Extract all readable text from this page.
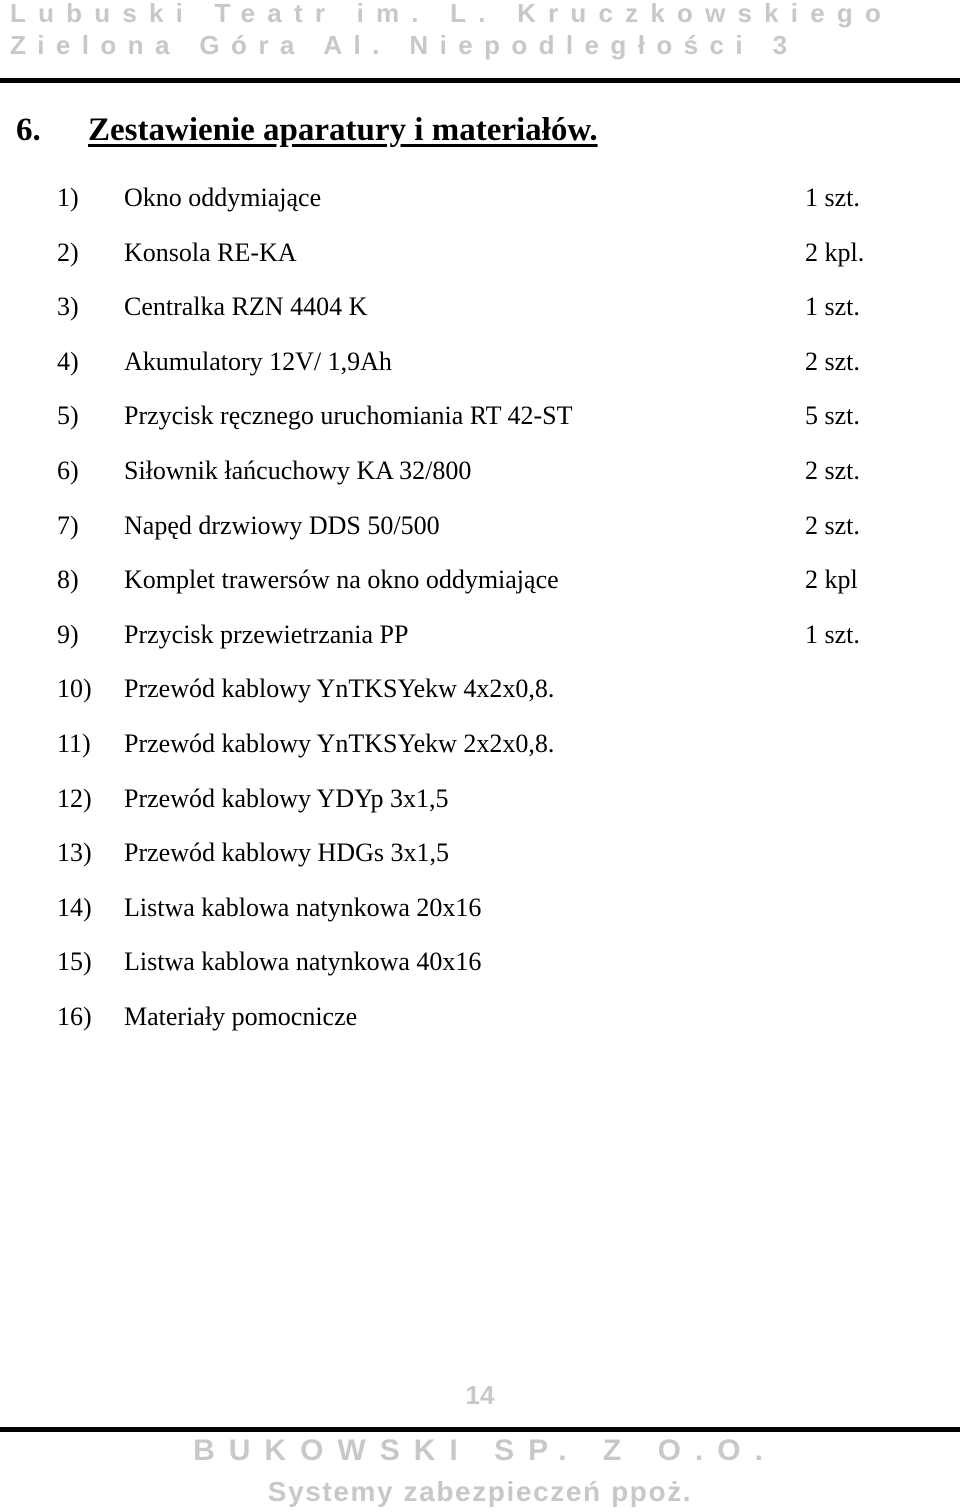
Lubuski Teatr im. L. Kruczkowskiego
Zielona Góra Al. Niepodległości 3
6. Zestawienie aparatury i materiałów.
1) Okno oddymiające	1 szt.
2) Konsola RE-KA	2 kpl.
3) Centralka RZN 4404 K	1 szt.
4) Akumulatory 12V/ 1,9Ah	2 szt.
5) Przycisk ręcznego uruchomiania RT 42-ST	5 szt.
6) Siłownik łańcuchowy KA 32/800	2 szt.
7) Napęd drzwiowy DDS 50/500	2 szt.
8) Komplet trawersów na okno oddymiające	2 kpl
9) Przycisk przewietrzania PP	1 szt.
10) Przewód kablowy YnTKSYekw 4x2x0,8.
11) Przewód kablowy YnTKSYekw 2x2x0,8.
12) Przewód kablowy YDYp 3x1,5
13) Przewód kablowy HDGs 3x1,5
14) Listwa kablowa natynkowa 20x16
15) Listwa kablowa natynkowa 40x16
16) Materiały pomocnicze
14
BUKOWSKI SP. Z O.O.
Systemy zabezpieczeń ppoż.
